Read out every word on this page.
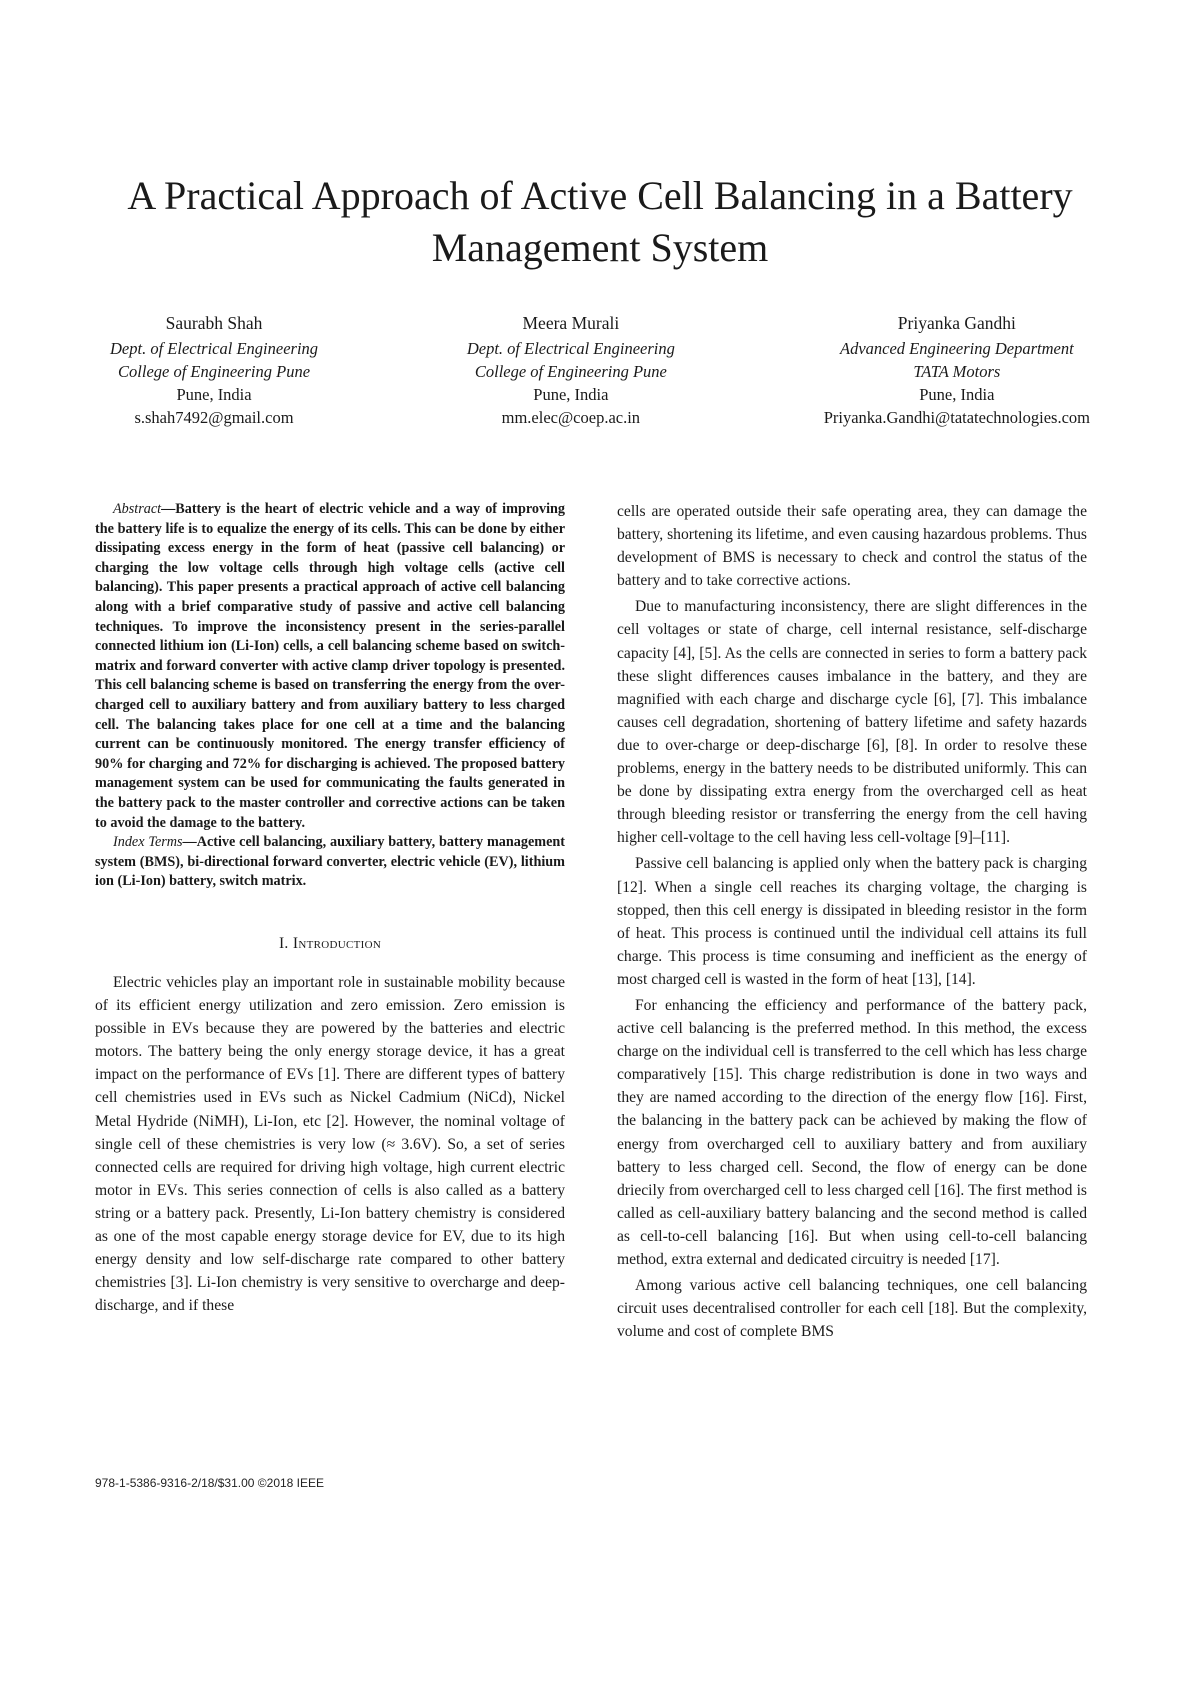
A Practical Approach of Active Cell Balancing in a Battery Management System
Saurabh Shah
Dept. of Electrical Engineering
College of Engineering Pune
Pune, India
s.shah7492@gmail.com
Meera Murali
Dept. of Electrical Engineering
College of Engineering Pune
Pune, India
mm.elec@coep.ac.in
Priyanka Gandhi
Advanced Engineering Department
TATA Motors
Pune, India
Priyanka.Gandhi@tatatechnologies.com

Abstract—Battery is the heart of electric vehicle and a way of improving the battery life is to equalize the energy of its cells. This can be done by either dissipating excess energy in the form of heat (passive cell balancing) or charging the low voltage cells through high voltage cells (active cell balancing). This paper presents a practical approach of active cell balancing along with a brief comparative study of passive and active cell balancing techniques. To improve the inconsistency present in the series-parallel connected lithium ion (Li-Ion) cells, a cell balancing scheme based on switch-matrix and forward converter with active clamp driver topology is presented. This cell balancing scheme is based on transferring the energy from the over-charged cell to auxiliary battery and from auxiliary battery to less charged cell. The balancing takes place for one cell at a time and the balancing current can be continuously monitored. The energy transfer efficiency of 90% for charging and 72% for discharging is achieved. The proposed battery management system can be used for communicating the faults generated in the battery pack to the master controller and corrective actions can be taken to avoid the damage to the battery.

Index Terms—Active cell balancing, auxiliary battery, battery management system (BMS), bi-directional forward converter, electric vehicle (EV), lithium ion (Li-Ion) battery, switch matrix.

I. Introduction

Electric vehicles play an important role in sustainable mobility because of its efficient energy utilization and zero emission. Zero emission is possible in EVs because they are powered by the batteries and electric motors. The battery being the only energy storage device, it has a great impact on the performance of EVs [1]. There are different types of battery cell chemistries used in EVs such as Nickel Cadmium (NiCd), Nickel Metal Hydride (NiMH), Li-Ion, etc [2]. However, the nominal voltage of single cell of these chemistries is very low (≈ 3.6V). So, a set of series connected cells are required for driving high voltage, high current electric motor in EVs. This series connection of cells is also called as a battery string or a battery pack. Presently, Li-Ion battery chemistry is considered as one of the most capable energy storage device for EV, due to its high energy density and low self-discharge rate compared to other battery chemistries [3]. Li-Ion chemistry is very sensitive to overcharge and deep-discharge, and if these

cells are operated outside their safe operating area, they can damage the battery, shortening its lifetime, and even causing hazardous problems. Thus development of BMS is necessary to check and control the status of the battery and to take corrective actions.

Due to manufacturing inconsistency, there are slight differences in the cell voltages or state of charge, cell internal resistance, self-discharge capacity [4], [5]. As the cells are connected in series to form a battery pack these slight differences causes imbalance in the battery, and they are magnified with each charge and discharge cycle [6], [7]. This imbalance causes cell degradation, shortening of battery lifetime and safety hazards due to over-charge or deep-discharge [6], [8]. In order to resolve these problems, energy in the battery needs to be distributed uniformly. This can be done by dissipating extra energy from the overcharged cell as heat through bleeding resistor or transferring the energy from the cell having higher cell-voltage to the cell having less cell-voltage [9]–[11].

Passive cell balancing is applied only when the battery pack is charging [12]. When a single cell reaches its charging voltage, the charging is stopped, then this cell energy is dissipated in bleeding resistor in the form of heat. This process is continued until the individual cell attains its full charge. This process is time consuming and inefficient as the energy of most charged cell is wasted in the form of heat [13], [14].

For enhancing the efficiency and performance of the battery pack, active cell balancing is the preferred method. In this method, the excess charge on the individual cell is transferred to the cell which has less charge comparatively [15]. This charge redistribution is done in two ways and they are named according to the direction of the energy flow [16]. First, the balancing in the battery pack can be achieved by making the flow of energy from overcharged cell to auxiliary battery and from auxiliary battery to less charged cell. Second, the flow of energy can be done driecily from overcharged cell to less charged cell [16]. The first method is called as cell-auxiliary battery balancing and the second method is called as cell-to-cell balancing [16]. But when using cell-to-cell balancing method, extra external and dedicated circuitry is needed [17].

Among various active cell balancing techniques, one cell balancing circuit uses decentralised controller for each cell [18]. But the complexity, volume and cost of complete BMS

978-1-5386-9316-2/18/$31.00 ©2018 IEEE
